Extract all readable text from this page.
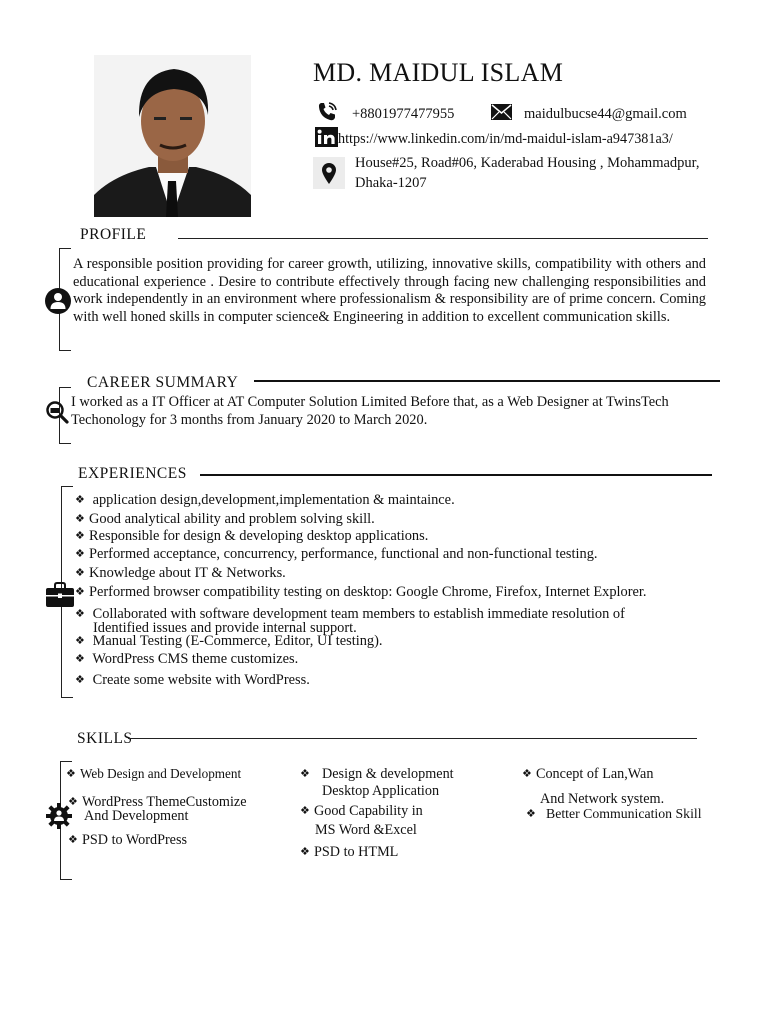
MD. MAIDUL ISLAM
+8801977477955	maidulbucse44@gmail.com
https://www.linkedin.com/in/md-maidul-islam-a947381a3/
House#25, Road#06, Kaderabad Housing , Mohammadpur,
Dhaka-1207
PROFILE
A responsible position providing for career growth, utilizing, innovative skills, compatibility with others and educational experience . Desire to contribute effectively through facing new challenging responsibilities and work independently in an environment where professionalism & responsibility are of prime concern. Coming with well honed skills in computer science& Engineering in addition to excellent communication skills.
CAREER SUMMARY
I worked as a IT Officer at AT Computer Solution Limited Before that, as a Web Designer at TwinsTech Techonology for 3 months from January 2020 to March 2020.
EXPERIENCES
❖ application design,development,implementation & maintaince.
❖ Good analytical ability and problem solving skill.
❖ Responsible for design & developing desktop applications.
❖ Performed acceptance, concurrency, performance, functional and non-functional testing.
❖ Knowledge about IT & Networks.
❖ Performed browser compatibility testing on desktop: Google Chrome, Firefox, Internet Explorer.
❖ Collaborated with software development team members to establish immediate resolution of
Identified issues and provide internal support.
❖ Manual Testing (E-Commerce, Editor, UI testing).
❖ WordPress CMS theme customizes.
❖ Create some website with WordPress.
SKILLS
❖ Web Design and Development
❖ WordPress ThemeCustomize
And Development
❖ PSD to WordPress
❖ Design & development
Desktop Application
❖ Good Capability in
MS Word &Excel
❖ PSD to HTML
❖ Concept of Lan,Wan
And Network system.
❖ Better Communication Skill
